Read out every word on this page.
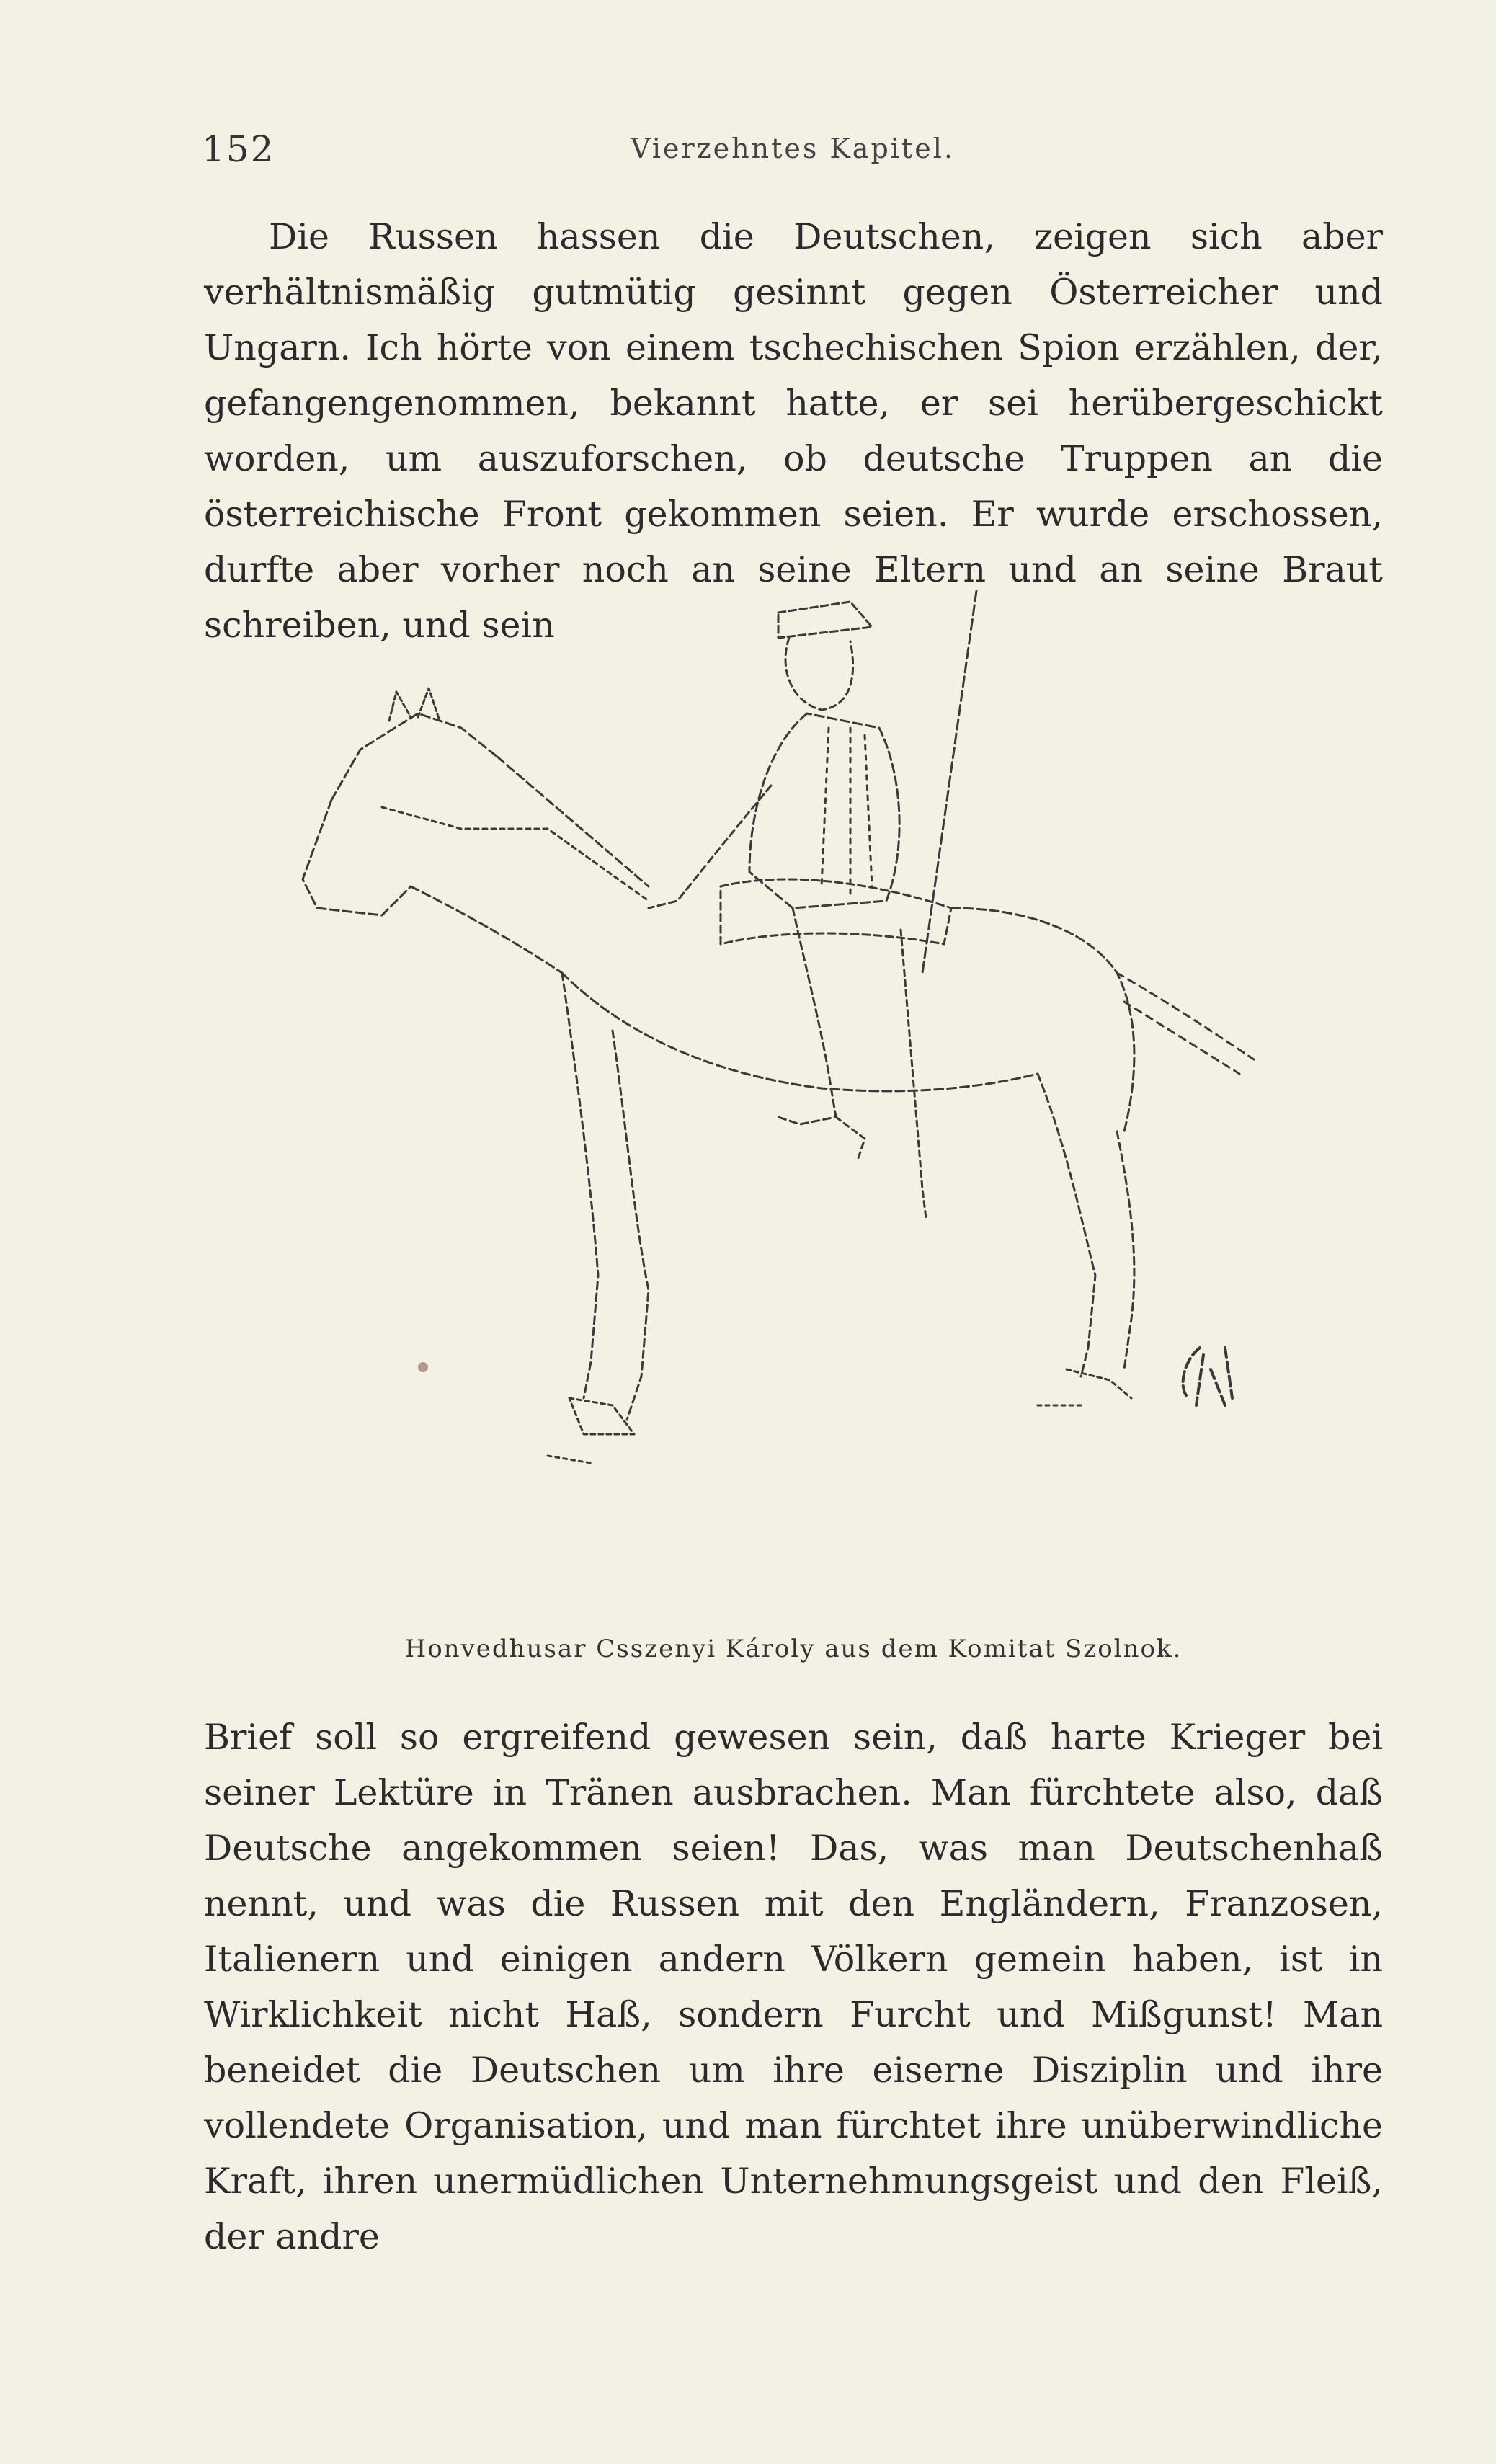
152	Vierzehntes Kapitel.

Die Russen hassen die Deutschen, zeigen sich aber verhältnismäßig gutmütig gesinnt gegen Österreicher und Ungarn. Ich hörte von einem tschechischen Spion erzählen, der, gefangengenommen, bekannt hatte, er sei herübergeschickt worden, um auszuforschen, ob deutsche Truppen an die österreichische Front gekommen seien. Er wurde erschossen, durfte aber vorher noch an seine Eltern und an seine Braut schreiben, und sein

S.H.
Honvedhusar Csszenyi Károly aus dem Komitat Szolnok.

Brief soll so ergreifend gewesen sein, daß harte Krieger bei seiner Lektüre in Tränen ausbrachen. Man fürchtete also, daß Deutsche angekommen seien! Das, was man Deutschenhaß nennt, und was die Russen mit den Engländern, Franzosen, Italienern und einigen andern Völkern gemein haben, ist in Wirklichkeit nicht Haß, sondern Furcht und Mißgunst! Man beneidet die Deutschen um ihre eiserne Disziplin und ihre vollendete Organisation, und man fürchtet ihre unüberwindliche Kraft, ihren unermüdlichen Unternehmungsgeist und den Fleiß, der andre
